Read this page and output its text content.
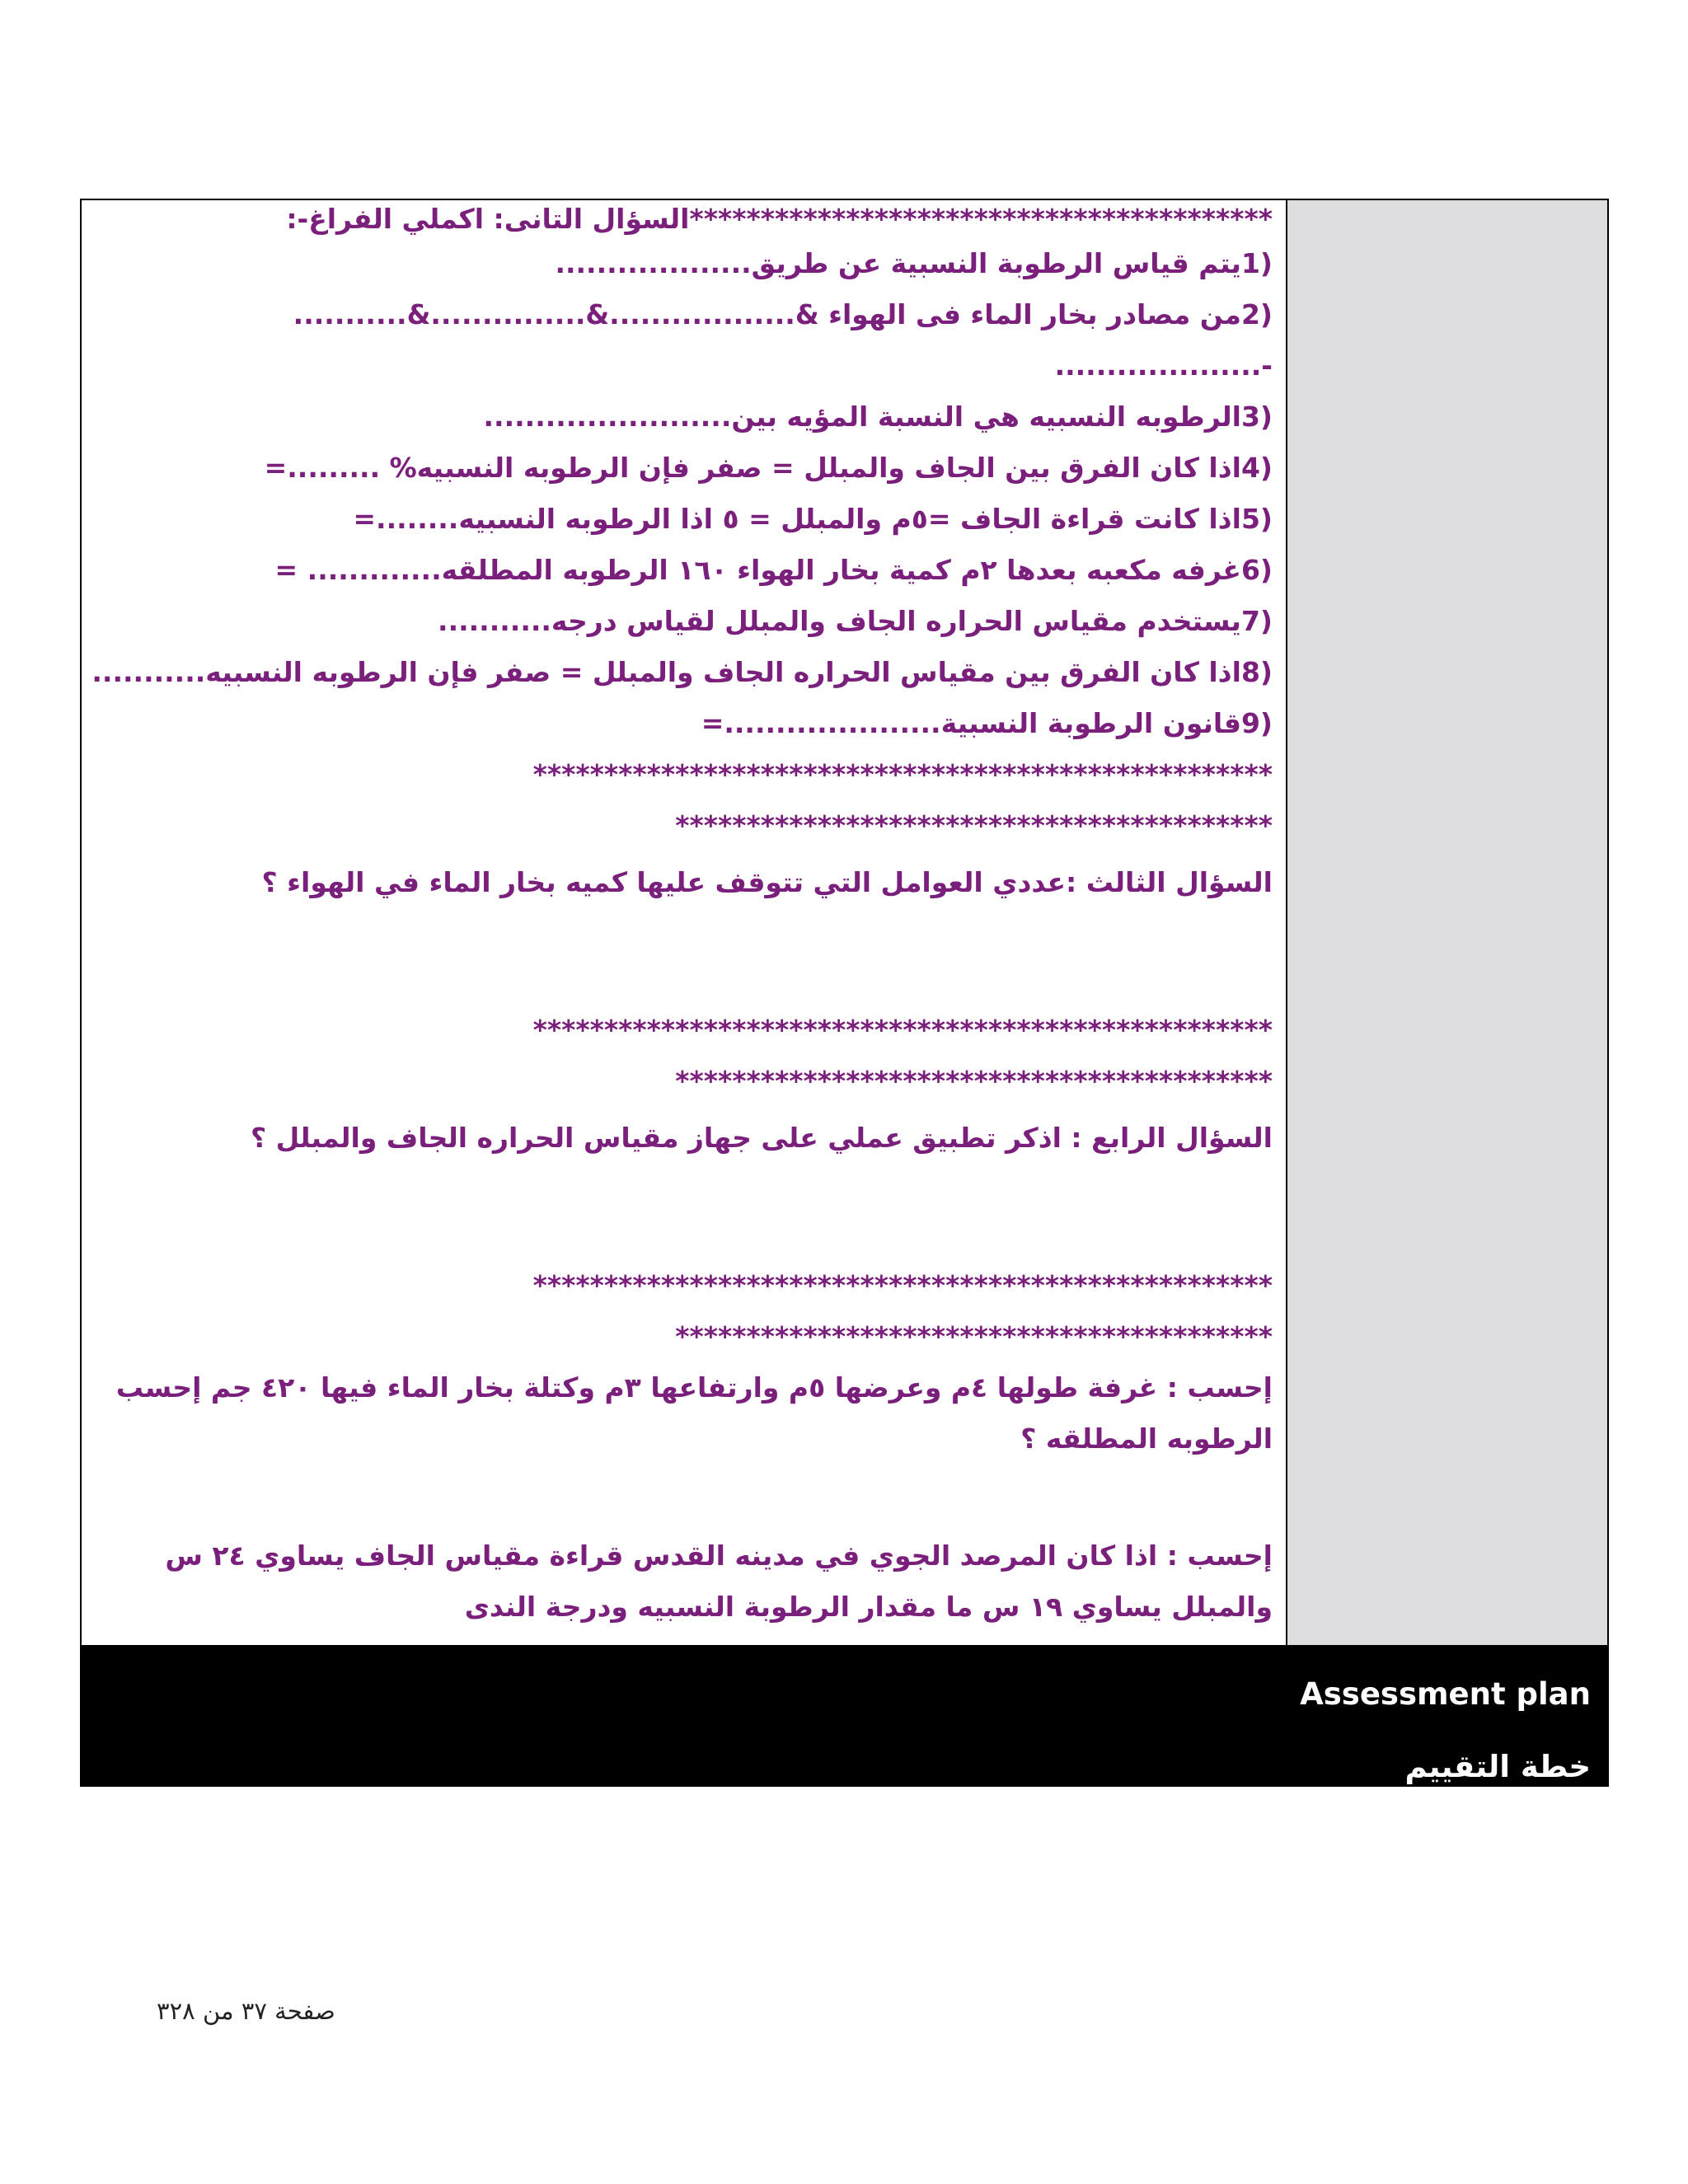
*****************************************السؤال التانى: اكملي الفراغ-:
(1يتم قياس الرطوبة النسبية عن طريق...................
(2من مصادر بخار الماء فى الهواء &..................&...............&...........
-....................
(3الرطوبه النسبيه هي النسبة المؤيه بين........................
(4اذا كان الفرق بين الجاف والمبلل = صفر فإن الرطوبه النسبيه% .........=
(5اذا كانت قراءة الجاف =٥م والمبلل = ٥ اذا الرطوبه النسبيه........=
(6غرفه مكعبه بعدها ٢م كمية بخار الهواء ١٦٠ الرطوبه المطلقه............. =
(7يستخدم مقياس الحراره الجاف والمبلل لقياس درجه...........
(8اذا كان الفرق بين مقياس الحراره الجاف والمبلل = صفر فإن الرطوبه النسبيه...........
(9قانون الرطوبة النسبية.....................=
****************************************************
******************************************
السؤال الثالث :عددي العوامل التي تتوقف عليها كميه بخار الماء في الهواء ؟
****************************************************
******************************************
السؤال الرابع : اذكر تطبيق عملي على جهاز مقياس الحراره الجاف والمبلل ؟
****************************************************
******************************************
إحسب : غرفة طولها ٤م وعرضها ٥م وارتفاعها ٣م وكتلة بخار الماء فيها ٤٢٠ جم إحسب الرطوبه المطلقه ؟
إحسب : اذا كان المرصد الجوي في مدينه القدس قراءة مقياس الجاف يساوي ٢٤ س والمبلل يساوي ١٩ س ما مقدار الرطوبة النسبيه ودرجة الندى
Assessment plan
خطة التقييم
صفحة ٣٧ من ٣٢٨
